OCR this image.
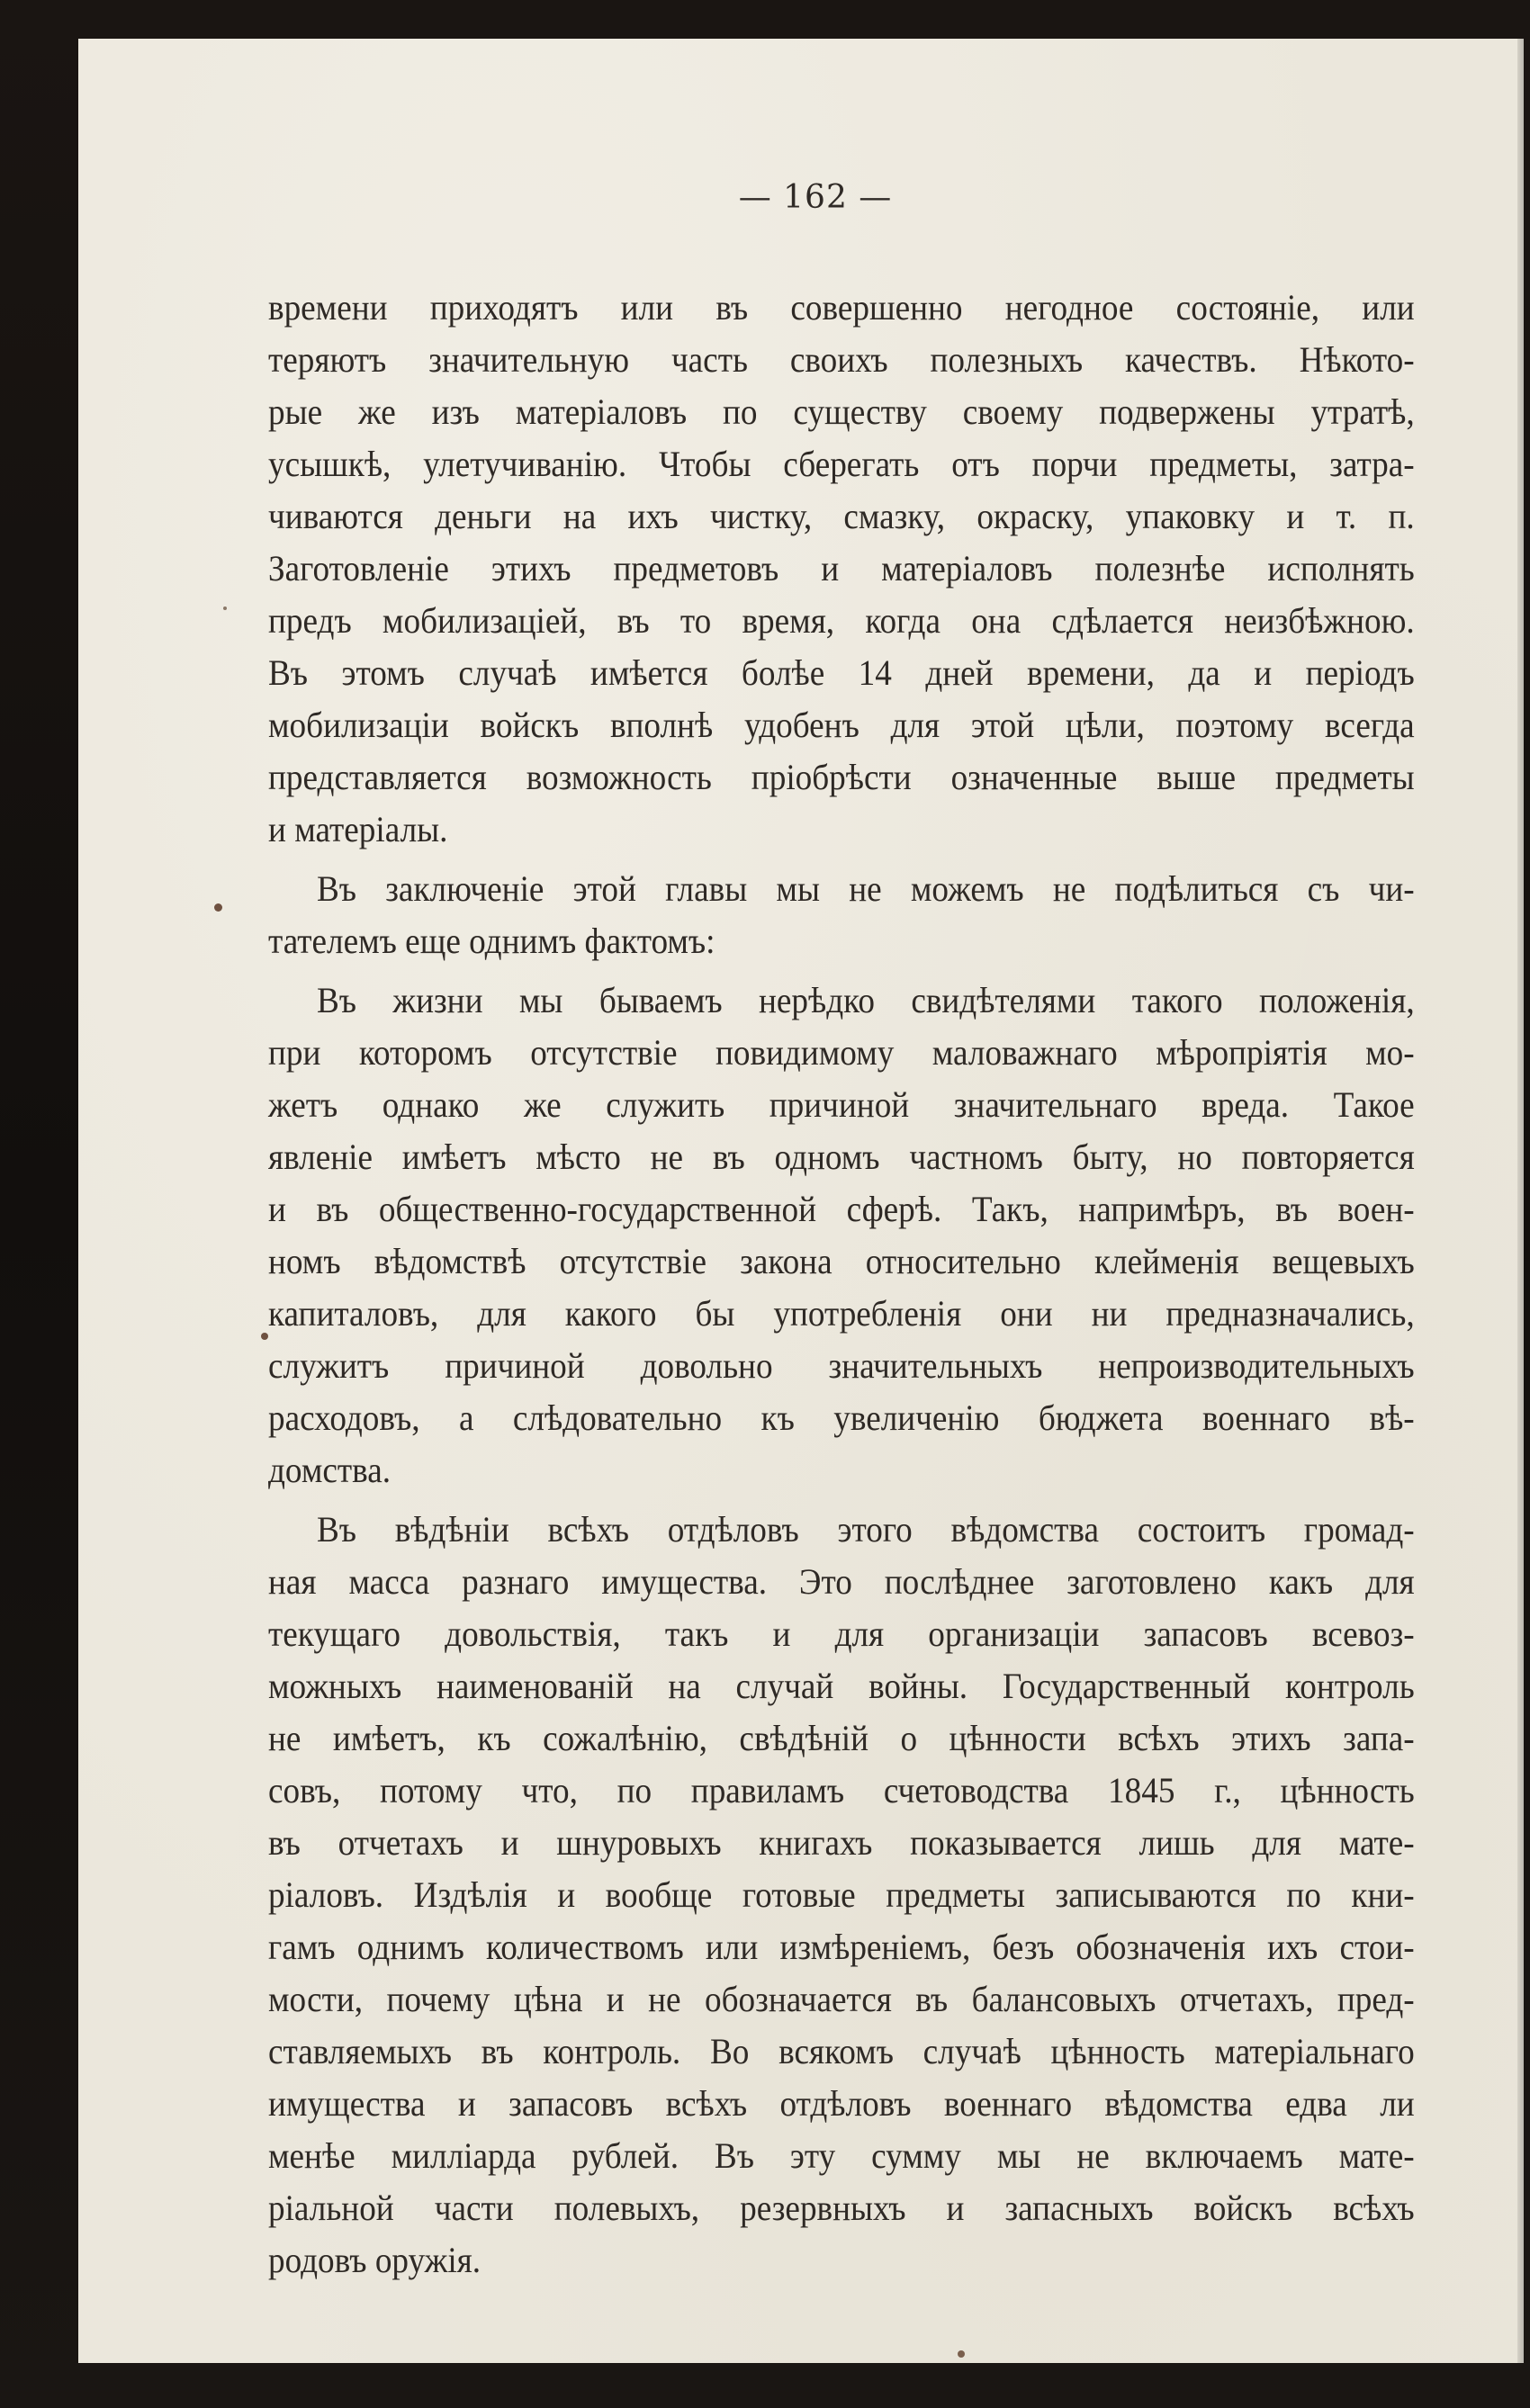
— 162 —
времени приходятъ или въ совершенно негодное состоянiе, или
теряютъ значительную часть своихъ полезныхъ качествъ. Нѣкото-
рые же изъ матерiаловъ по существу своему подвержены утратѣ,
усышкѣ, улетучиванiю. Чтобы сберегать отъ порчи предметы, затра-
чиваются деньги на ихъ чистку, смазку, окраску, упаковку и т. п.
Заготовленiе этихъ предметовъ и матерiаловъ полезнѣе исполнять
предъ мобилизацiей, въ то время, когда она сдѣлается неизбѣжною.
Въ этомъ случаѣ имѣется болѣе 14 дней времени, да и перiодъ
мобилизацiи войскъ вполнѣ удобенъ для этой цѣли, поэтому всегда
представляется возможность прiобрѣсти означенные выше предметы
и матерiалы.
Въ заключенiе этой главы мы не можемъ не подѣлиться съ чи-
тателемъ еще однимъ фактомъ:
Въ жизни мы бываемъ нерѣдко свидѣтелями такого положенiя,
при которомъ отсутствiе повидимому маловажнаго мѣропрiятiя мо-
жетъ однако же служить причиной значительнаго вреда. Такое
явленiе имѣетъ мѣсто не въ одномъ частномъ быту, но повторяется
и въ общественно-государственной сферѣ. Такъ, напримѣръ, въ воен-
номъ вѣдомствѣ отсутствiе закона относительно клейменiя вещевыхъ
капиталовъ, для какого бы употребленiя они ни предназначались,
служитъ причиной довольно значительныхъ непроизводительныхъ
расходовъ, а слѣдовательно къ увеличенiю бюджета военнаго вѣ-
домства.
Въ вѣдѣнiи всѣхъ отдѣловъ этого вѣдомства состоитъ громад-
ная масса разнаго имущества. Это послѣднее заготовлено какъ для
текущаго довольствiя, такъ и для организацiи запасовъ всевоз-
можныхъ наименованiй на случай войны. Государственный контроль
не имѣетъ, къ сожалѣнiю, свѣдѣнiй о цѣнности всѣхъ этихъ запа-
совъ, потому что, по правиламъ счетоводства 1845 г., цѣнность
въ отчетахъ и шнуровыхъ книгахъ показывается лишь для мате-
рiаловъ. Издѣлiя и вообще готовые предметы записываются по кни-
гамъ однимъ количествомъ или измѣренiемъ, безъ обозначенiя ихъ стои-
мости, почему цѣна и не обозначается въ балансовыхъ отчетахъ, пред-
ставляемыхъ въ контроль. Во всякомъ случаѣ цѣнность матерiальнаго
имущества и запасовъ всѣхъ отдѣловъ военнаго вѣдомства едва ли
менѣе миллiарда рублей. Въ эту сумму мы не включаемъ мате-
рiальной части полевыхъ, резервныхъ и запасныхъ войскъ всѣхъ
родовъ оружiя.
